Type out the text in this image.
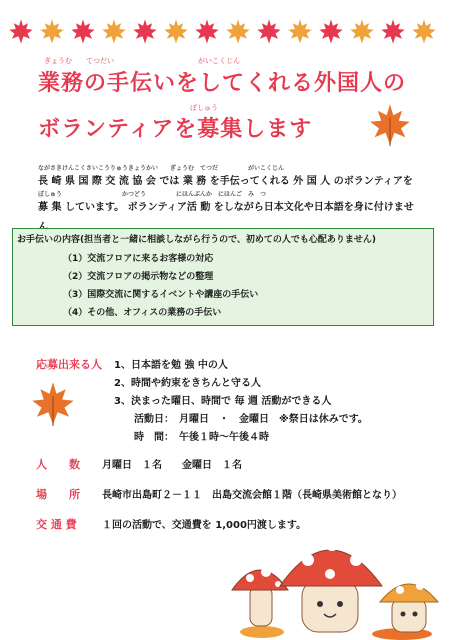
ぎょうむ　　てつだい　　　　　　　　　　　　がいこくじん
業務の手伝いをしてくれる外国人の
ぼしゅう
ボランティアを募集します
ながさきけんこくさいこうりゅうきょうかい　　ぎょうむ　てつだ　　　　　がいこくじん
長 崎 県 国 際 交 流 協 会 では 業 務 を手伝ってくれる 外 国 人 のボランティアを
ぼしゅう　　　　　　　　　　かつどう　　　　　にほんぶんか　にほんご　み　つ
募 集 しています。 ボランティア活 動 をしながら日本文化や日本語を身に付けませ
お手伝いの内容(担当者と一緒に相談しながら行うので、初めての人でも心配ありません)
（1）交流フロアに来るお客様の対応
（2）交流フロアの掲示物などの整理
（3）国際交流に関するイベントや講座の手伝い
（4）その他、オフィスの業務の手伝い
応募出来る人 1、日本語を勉 強 中の人
2、時間や約束をきちんと守る人
3、決まった曜日、時間で 毎 週 活動ができる人
活動日：　月曜日　・　金曜日　※祭日は休みです。
時　間：　午後１時～午後４時
人　　数 月曜日　１名　　金曜日　１名
場　　所 長崎市出島町２－１１　出島交流会館１階（長崎県美術館となり）
交 通 費	１回の活動で、交通費を 1,000円渡します。
